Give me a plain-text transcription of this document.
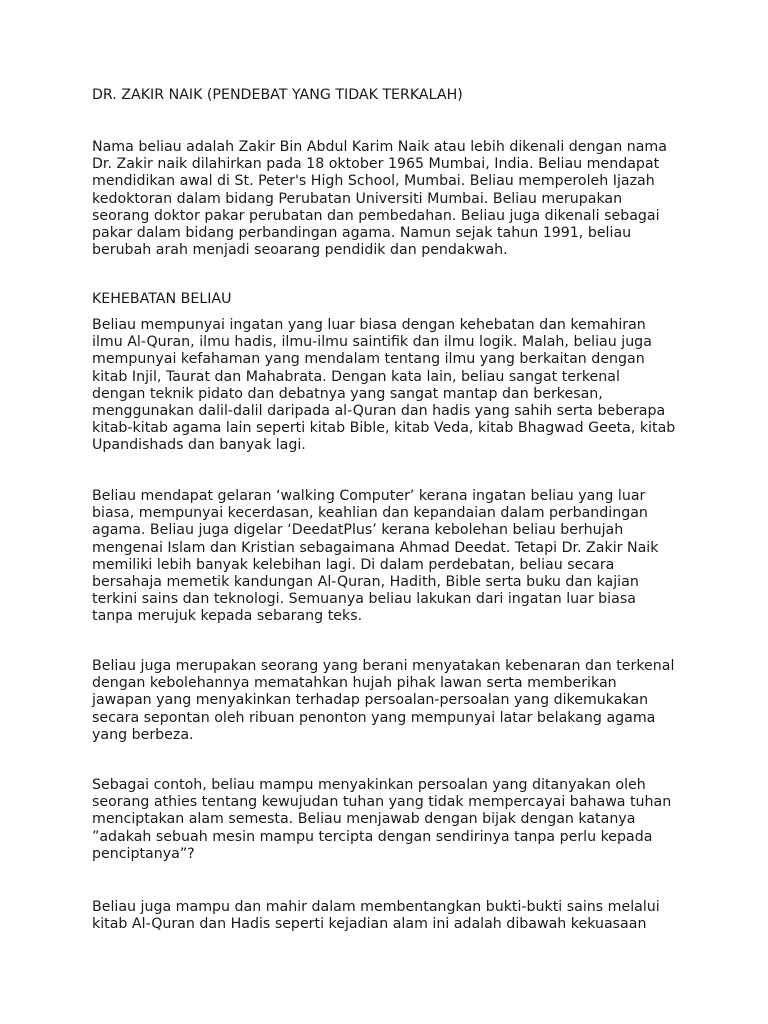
DR. ZAKIR NAIK (PENDEBAT YANG TIDAK TERKALAH)
Nama beliau adalah Zakir Bin Abdul Karim Naik atau lebih dikenali dengan nama
Dr. Zakir naik dilahirkan pada 18 oktober 1965 Mumbai, India. Beliau mendapat
mendidikan awal di St. Peter's High School, Mumbai. Beliau memperoleh Ijazah
kedoktoran dalam bidang Perubatan Universiti Mumbai. Beliau merupakan
seorang doktor pakar perubatan dan pembedahan. Beliau juga dikenali sebagai
pakar dalam bidang perbandingan agama. Namun sejak tahun 1991, beliau
berubah arah menjadi seoarang pendidik dan pendakwah.
KEHEBATAN BELIAU
Beliau mempunyai ingatan yang luar biasa dengan kehebatan dan kemahiran
ilmu Al-Quran, ilmu hadis, ilmu-ilmu saintifik dan ilmu logik. Malah, beliau juga
mempunyai kefahaman yang mendalam tentang ilmu yang berkaitan dengan
kitab Injil, Taurat dan Mahabrata. Dengan kata lain, beliau sangat terkenal
dengan teknik pidato dan debatnya yang sangat mantap dan berkesan,
menggunakan dalil-dalil daripada al-Quran dan hadis yang sahih serta beberapa
kitab-kitab agama lain seperti kitab Bible, kitab Veda, kitab Bhagwad Geeta, kitab
Upandishads dan banyak lagi.
Beliau mendapat gelaran ‘walking Computer’ kerana ingatan beliau yang luar
biasa, mempunyai kecerdasan, keahlian dan kepandaian dalam perbandingan
agama. Beliau juga digelar ‘DeedatPlus’ kerana kebolehan beliau berhujah
mengenai Islam dan Kristian sebagaimana Ahmad Deedat. Tetapi Dr. Zakir Naik
memiliki lebih banyak kelebihan lagi. Di dalam perdebatan, beliau secara
bersahaja memetik kandungan Al-Quran, Hadith, Bible serta buku dan kajian
terkini sains dan teknologi. Semuanya beliau lakukan dari ingatan luar biasa
tanpa merujuk kepada sebarang teks.
Beliau juga merupakan seorang yang berani menyatakan kebenaran dan terkenal
dengan kebolehannya mematahkan hujah pihak lawan serta memberikan
jawapan yang menyakinkan terhadap persoalan-persoalan yang dikemukakan
secara sepontan oleh ribuan penonton yang mempunyai latar belakang agama
yang berbeza.
Sebagai contoh, beliau mampu menyakinkan persoalan yang ditanyakan oleh
seorang athies tentang kewujudan tuhan yang tidak mempercayai bahawa tuhan
menciptakan alam semesta. Beliau menjawab dengan bijak dengan katanya
”adakah sebuah mesin mampu tercipta dengan sendirinya tanpa perlu kepada
penciptanya”?
Beliau juga mampu dan mahir dalam membentangkan bukti-bukti sains melalui
kitab Al-Quran dan Hadis seperti kejadian alam ini adalah dibawah kekuasaan
